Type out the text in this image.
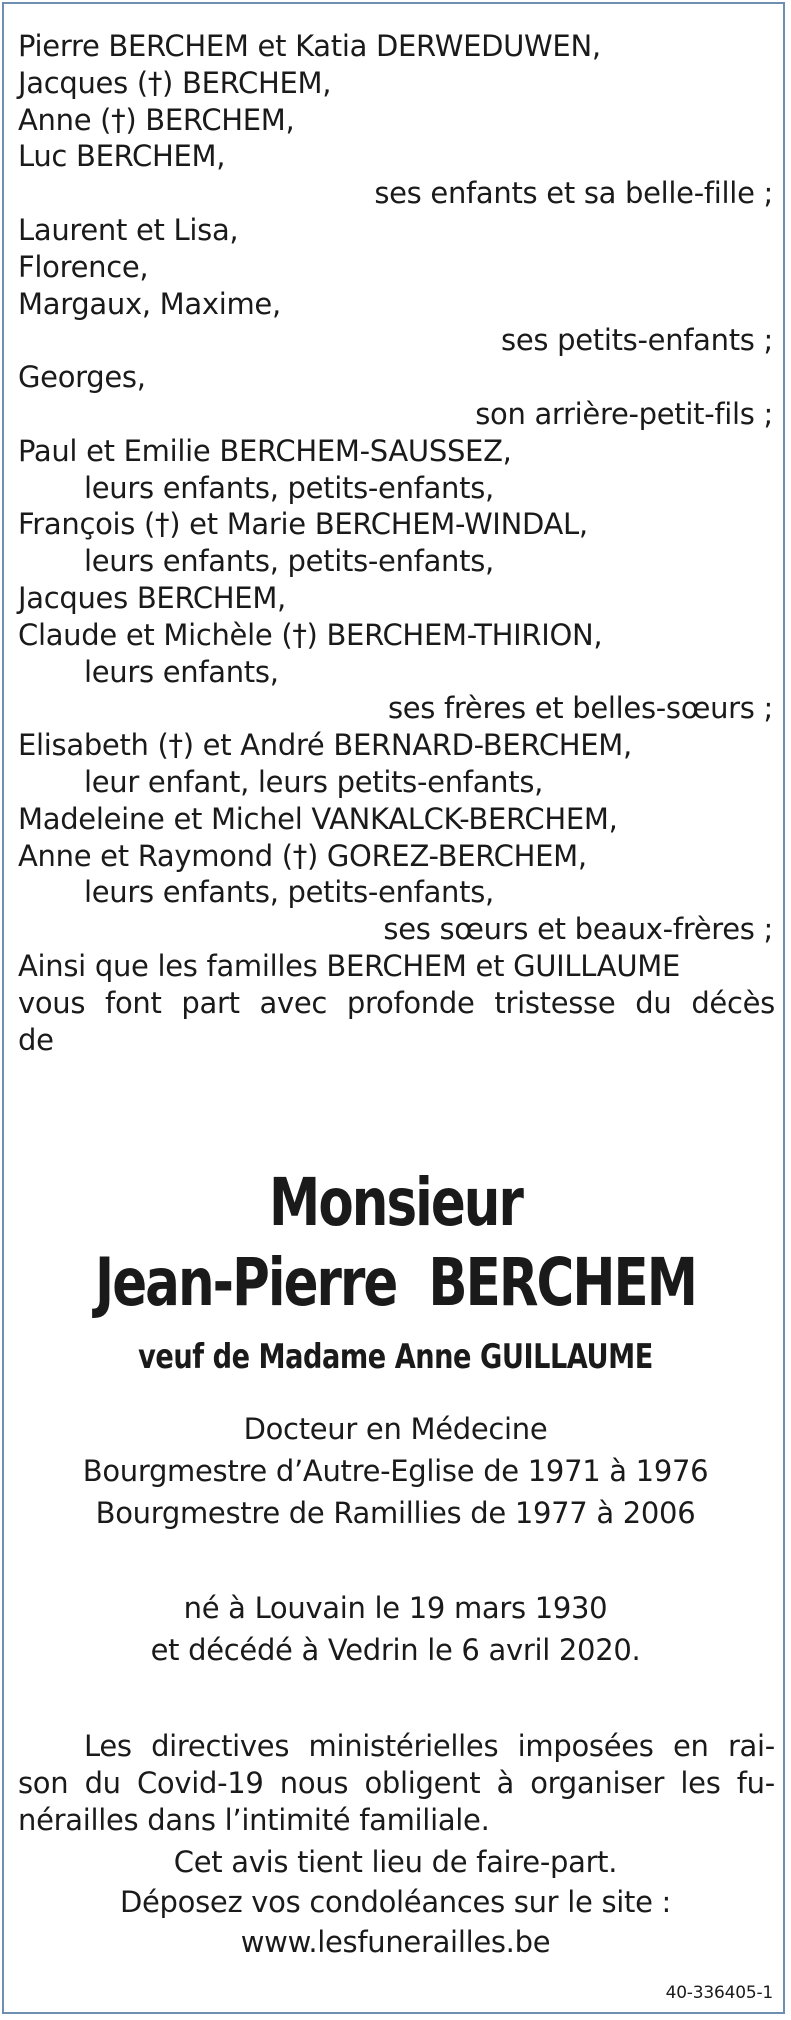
Pierre BERCHEM et Katia DERWEDUWEN,
Jacques (†) BERCHEM,
Anne (†) BERCHEM,
Luc BERCHEM,
ses enfants et sa belle-fille ;
Laurent et Lisa,
Florence,
Margaux, Maxime,
ses petits-enfants ;
Georges,
son arrière-petit-fils ;
Paul et Emilie BERCHEM-SAUSSEZ,
leurs enfants, petits-enfants,
François (†) et Marie BERCHEM-WINDAL,
leurs enfants, petits-enfants,
Jacques BERCHEM,
Claude et Michèle (†) BERCHEM-THIRION,
leurs enfants,
ses frères et belles-sœurs ;
Elisabeth (†) et André BERNARD-BERCHEM,
leur enfant, leurs petits-enfants,
Madeleine et Michel VANKALCK-BERCHEM,
Anne et Raymond (†) GOREZ-BERCHEM,
leurs enfants, petits-enfants,
ses sœurs et beaux-frères ;
Ainsi que les familles BERCHEM et GUILLAUME
vous font part avec profonde tristesse du décès
de
Monsieur
Jean-Pierre  BERCHEM
veuf de Madame Anne GUILLAUME
Docteur en Médecine
Bourgmestre d’Autre-Eglise de 1971 à 1976
Bourgmestre de Ramillies de 1977 à 2006
né à Louvain le 19 mars 1930
et décédé à Vedrin le 6 avril 2020.
Les directives ministérielles imposées en rai-
son du Covid-19 nous obligent à organiser les fu-
nérailles dans l’intimité familiale.
Cet avis tient lieu de faire-part.
Déposez vos condoléances sur le site :
www.lesfunerailles.be
40-336405-1
